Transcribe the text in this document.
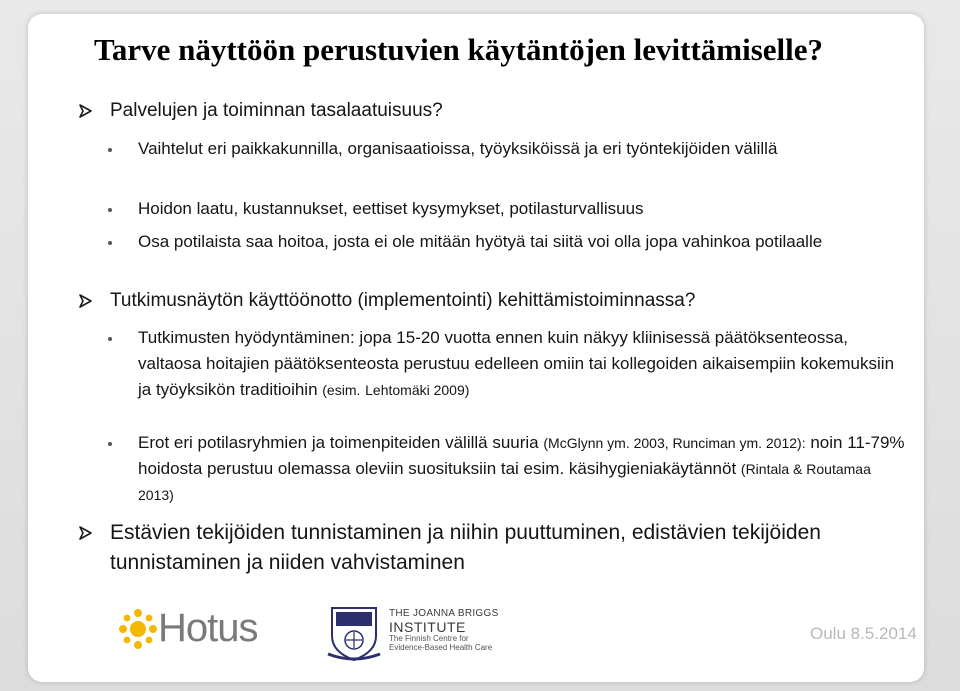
Tarve näyttöön perustuvien käytäntöjen levittämiselle?
Palvelujen ja toiminnan tasalaatuisuus?
Vaihtelut eri paikkakunnilla, organisaatioissa, työyksiköissä ja eri työntekijöiden välillä
Hoidon laatu, kustannukset, eettiset kysymykset, potilasturvallisuus
Osa potilaista saa hoitoa, josta ei ole mitään hyötyä tai siitä voi olla jopa vahinkoa potilaalle
Tutkimusnäytön käyttöönotto (implementointi) kehittämistoiminnassa?
Tutkimusten hyödyntäminen: jopa 15-20 vuotta ennen kuin näkyy kliinisessä päätöksenteossa, valtaosa hoitajien päätöksenteosta perustuu edelleen omiin tai kollegoiden aikaisempiin kokemuksiin ja työyksikön traditioihin (esim. Lehtomäki 2009)
Erot eri potilasryhmien ja toimenpiteiden välillä suuria (McGlynn ym. 2003, Runciman ym. 2012): noin 11-79% hoidosta perustuu olemassa oleviin suosituksiin tai esim. käsihygieniakäytännöt (Rintala & Routamaa 2013)
Estävien tekijöiden tunnistaminen ja niihin puuttuminen, edistävien tekijöiden tunnistaminen ja niiden vahvistaminen
Hotus	THE JOANNA BRIGGS
INSTITUTE
The Finnish Centre for
Evidence-Based Health Care
Oulu 8.5.2014
